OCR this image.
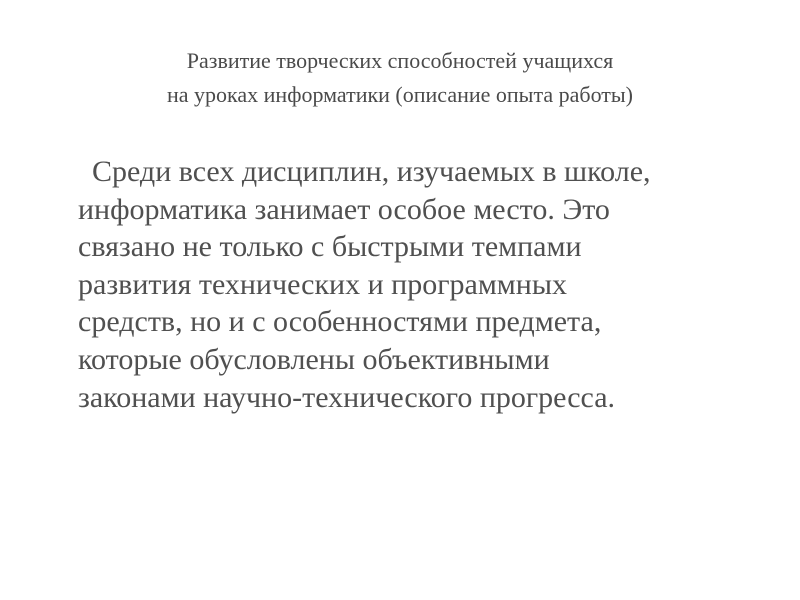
Развитие творческих способностей учащихся
на уроках информатики (описание опыта работы)
Среди всех дисциплин, изучаемых в школе,
информатика занимает особое место. Это
связано не только с быстрыми темпами
развития технических и программных
средств, но и с особенностями предмета,
которые обусловлены объективными
законами научно-технического прогресса.
